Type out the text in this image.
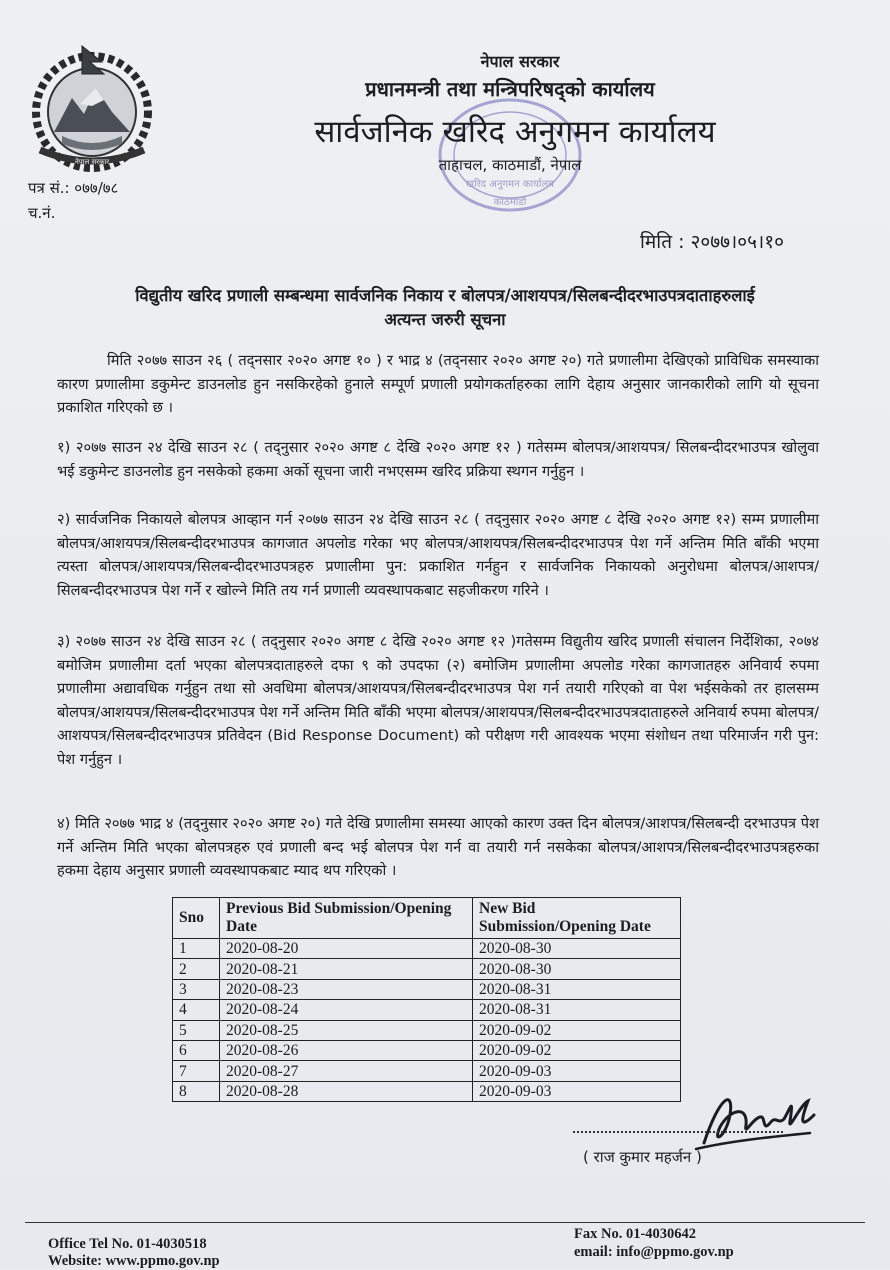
नेपाल सरकार
खरिद अनुगमन कार्यालय
काठमाडौं
नेपाल सरकार
प्रधानमन्त्री तथा मन्त्रिपरिषद्को कार्यालय
सार्वजनिक खरिद अनुगमन कार्यालय
ताहाचल, काठमाडौं, नेपाल
पत्र सं.: ०७७/७८
च.नं.
मिति : २०७७।०५।१०
विद्युतीय खरिद प्रणाली सम्बन्धमा सार्वजनिक निकाय र बोलपत्र/आशयपत्र/सिलबन्दीदरभाउपत्रदाताहरुलाई
अत्यन्त जरुरी सूचना
मिति २०७७ साउन २६ ( तद्नसार २०२० अगष्ट १० ) र भाद्र ४ (तद्नसार २०२० अगष्ट २०) गते प्रणालीमा देखिएको प्राविधिक समस्याका कारण प्रणालीमा डकुमेन्ट डाउनलोड हुन नसकिरहेको हुनाले सम्पूर्ण प्रणाली प्रयोगकर्ताहरुका लागि देहाय अनुसार जानकारीको लागि यो सूचना प्रकाशित गरिएको छ ।
१) २०७७ साउन २४ देखि साउन २८ ( तद्नुसार २०२० अगष्ट ८ देखि २०२० अगष्ट १२ ) गतेसम्म बोलपत्र/आशयपत्र/ सिलबन्दीदरभाउपत्र खोलुवा भई डकुमेन्ट डाउनलोड हुन नसकेको हकमा अर्को सूचना जारी नभएसम्म खरिद प्रक्रिया स्थगन गर्नुहुन ।
२) सार्वजनिक निकायले बोलपत्र आव्हान गर्न २०७७ साउन २४ देखि साउन २८ ( तद्नुसार २०२० अगष्ट ८ देखि २०२० अगष्ट १२) सम्म प्रणालीमा बोलपत्र/आशयपत्र/सिलबन्दीदरभाउपत्र कागजात अपलोड गरेका भए बोलपत्र/आशयपत्र/सिलबन्दीदरभाउपत्र पेश गर्ने अन्तिम मिति बाँकी भएमा त्यस्ता बोलपत्र/आशयपत्र/सिलबन्दीदरभाउपत्रहरु प्रणालीमा पुन: प्रकाशित गर्नहुन र सार्वजनिक निकायको अनुरोधमा बोलपत्र/आशपत्र/सिलबन्दीदरभाउपत्र पेश गर्ने र खोल्ने मिति तय गर्न प्रणाली व्यवस्थापकबाट सहजीकरण गरिने ।
३) २०७७ साउन २४ देखि साउन २८ ( तद्नुसार २०२० अगष्ट ८ देखि २०२० अगष्ट १२ )गतेसम्म विद्युतीय खरिद प्रणाली संचालन निर्देशिका, २०७४ बमोजिम प्रणालीमा दर्ता भएका बोलपत्रदाताहरुले दफा ९ को उपदफा (२) बमोजिम प्रणालीमा अपलोड गरेका कागजातहरु अनिवार्य रुपमा प्रणालीमा अद्यावधिक गर्नुहुन तथा सो अवधिमा बोलपत्र/आशयपत्र/सिलबन्दीदरभाउपत्र पेश गर्न तयारी गरिएको वा पेश भईसकेको तर हालसम्म बोलपत्र/आशयपत्र/सिलबन्दीदरभाउपत्र पेश गर्ने अन्तिम मिति बाँकी भएमा बोलपत्र/आशयपत्र/सिलबन्दीदरभाउपत्रदाताहरुले अनिवार्य रुपमा बोलपत्र/आशयपत्र/सिलबन्दीदरभाउपत्र प्रतिवेदन (Bid Response Document) को परीक्षण गरी आवश्यक भएमा संशोधन तथा परिमार्जन गरी पुन: पेश गर्नुहुन ।
४) मिति २०७७ भाद्र ४ (तद्नुसार २०२० अगष्ट २०) गते देखि प्रणालीमा समस्या आएको कारण उक्त दिन बोलपत्र/आशपत्र/सिलबन्दी दरभाउपत्र पेश गर्ने अन्तिम मिति भएका बोलपत्रहरु एवं प्रणाली बन्द भई बोलपत्र पेश गर्न वा तयारी गर्न नसकेका बोलपत्र/आशपत्र/सिलबन्दीदरभाउपत्रहरुका हकमा देहाय अनुसार प्रणाली व्यवस्थापकबाट म्याद थप गरिएको ।
Sno	Previous Bid Submission/Opening Date	New Bid Submission/Opening Date
1	2020-08-20	2020-08-30
2	2020-08-21	2020-08-30
3	2020-08-23	2020-08-31
4	2020-08-24	2020-08-31
5	2020-08-25	2020-09-02
6	2020-08-26	2020-09-02
7	2020-08-27	2020-09-03
8	2020-08-28	2020-09-03
( राज कुमार महर्जन )
Office Tel No. 01-4030518
Website: www.ppmo.gov.np
Fax No. 01-4030642
email: info@ppmo.gov.np
